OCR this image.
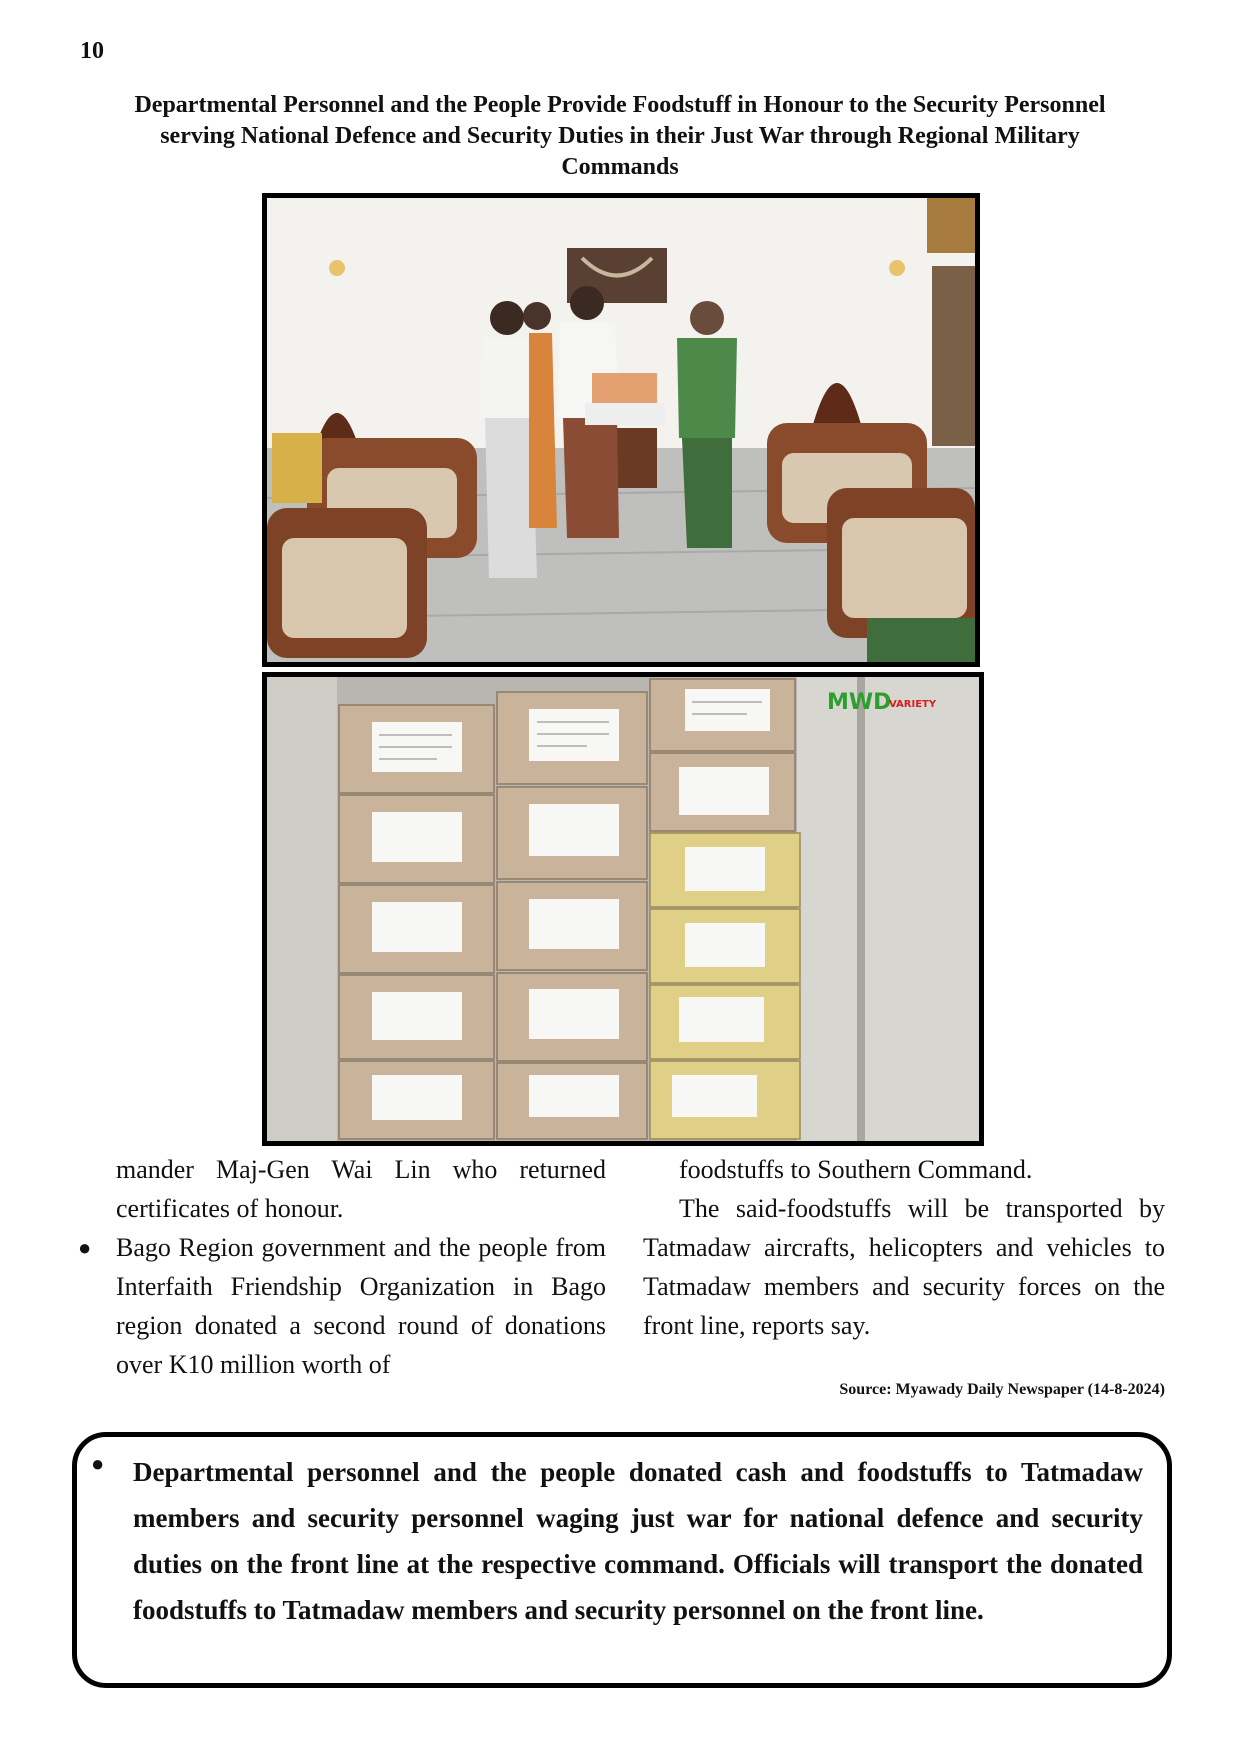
10
Departmental Personnel and the People Provide Foodstuff in Honour to the Security Personnel serving National Defence and Security Duties in their Just War through Regional Military Commands
MWD
VARIETY

mander Maj-Gen Wai Lin who returned certificates of honour.

● Bago Region government and the people from Interfaith Friendship Organization in Bago region donated a second round of donations over K10 million worth of

foodstuffs to Southern Command.

The said-foodstuffs will be transported by Tatmadaw aircrafts, helicopters and vehicles to Tatmadaw members and security forces on the front line, reports say.

Source: Myawady Daily Newspaper (14-8-2024)
● Departmental personnel and the people donated cash and foodstuffs to Tatmadaw members and security personnel waging just war for national defence and security duties on the front line at the respective command. Officials will transport the donated foodstuffs to Tatmadaw members and security personnel on the front line.
